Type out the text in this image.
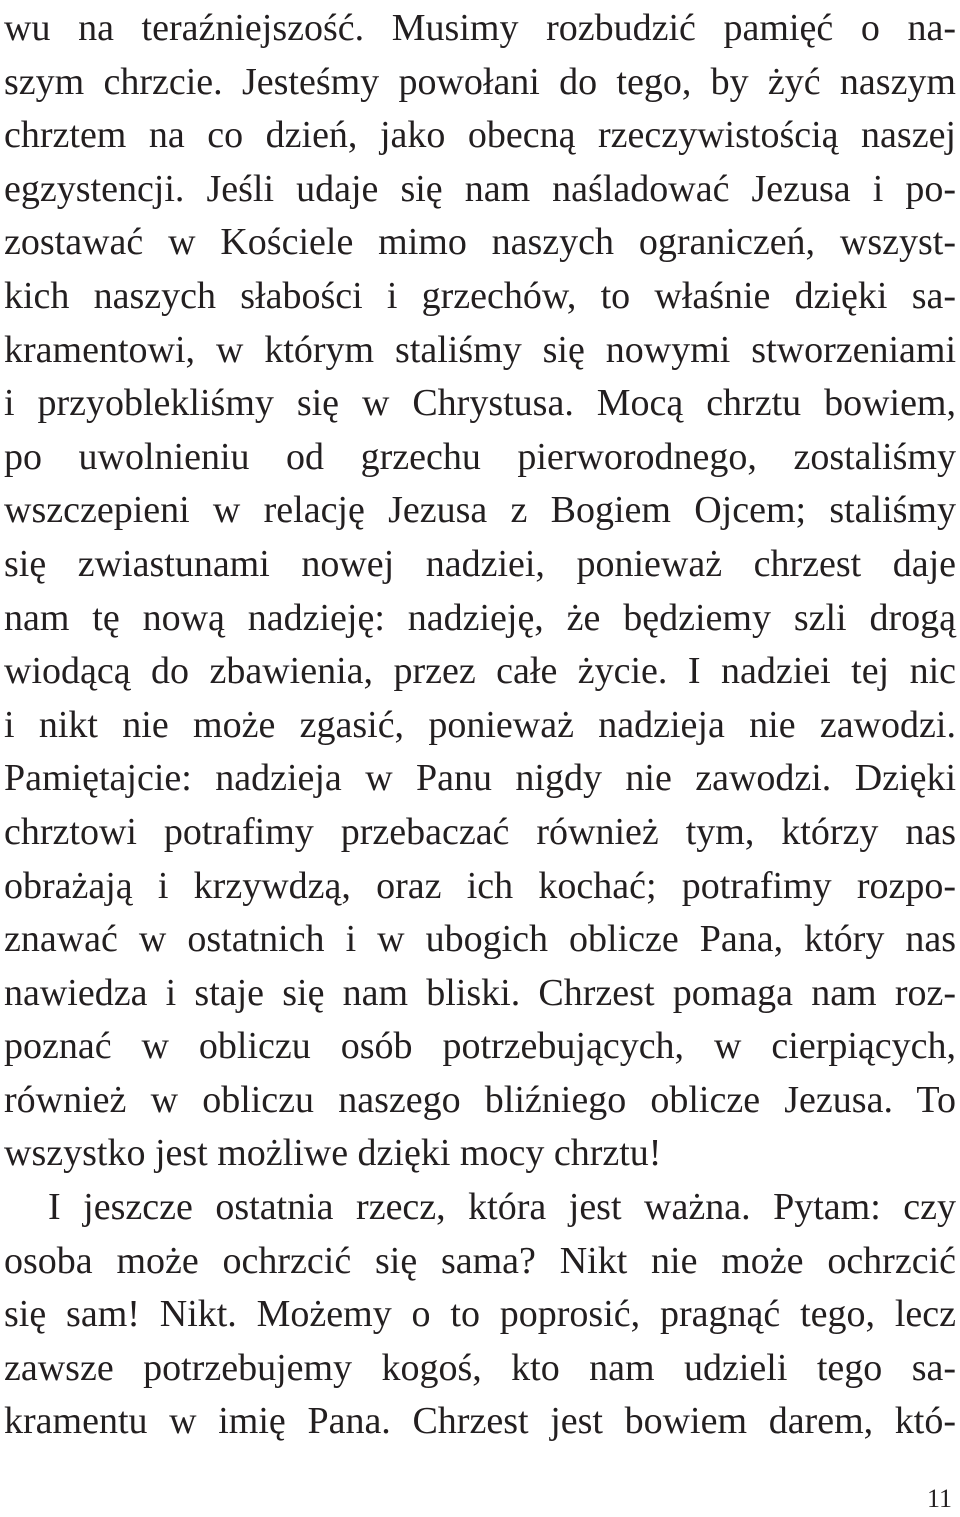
wu na teraźniejszość. Musimy rozbudzić pamięć o na-
szym chrzcie. Jesteśmy powołani do tego, by żyć naszym
chrztem na co dzień, jako obecną rzeczywistością naszej
egzystencji. Jeśli udaje się nam naśladować Jezusa i po-
zostawać w Kościele mimo naszych ograniczeń, wszyst-
kich naszych słabości i grzechów, to właśnie dzięki sa-
kramentowi, w którym staliśmy się nowymi stworzeniami
i przyoblekliśmy się w Chrystusa. Mocą chrztu bowiem,
po uwolnieniu od grzechu pierworodnego, zostaliśmy
wszczepieni w relację Jezusa z Bogiem Ojcem; staliśmy
się zwiastunami nowej nadziei, ponieważ chrzest daje
nam tę nową nadzieję: nadzieję, że będziemy szli drogą
wiodącą do zbawienia, przez całe życie. I nadziei tej nic
i nikt nie może zgasić, ponieważ nadzieja nie zawodzi.
Pamiętajcie: nadzieja w Panu nigdy nie zawodzi. Dzięki
chrztowi potrafimy przebaczać również tym, którzy nas
obrażają i krzywdzą, oraz ich kochać; potrafimy rozpo-
znawać w ostatnich i w ubogich oblicze Pana, który nas
nawiedza i staje się nam bliski. Chrzest pomaga nam roz-
poznać w obliczu osób potrzebujących, w cierpiących,
również w obliczu naszego bliźniego oblicze Jezusa. To
wszystko jest możliwe dzięki mocy chrztu!
I jeszcze ostatnia rzecz, która jest ważna. Pytam: czy
osoba może ochrzcić się sama? Nikt nie może ochrzcić
się sam! Nikt. Możemy o to poprosić, pragnąć tego, lecz
zawsze potrzebujemy kogoś, kto nam udzieli tego sa-
kramentu w imię Pana. Chrzest jest bowiem darem, któ-
11
